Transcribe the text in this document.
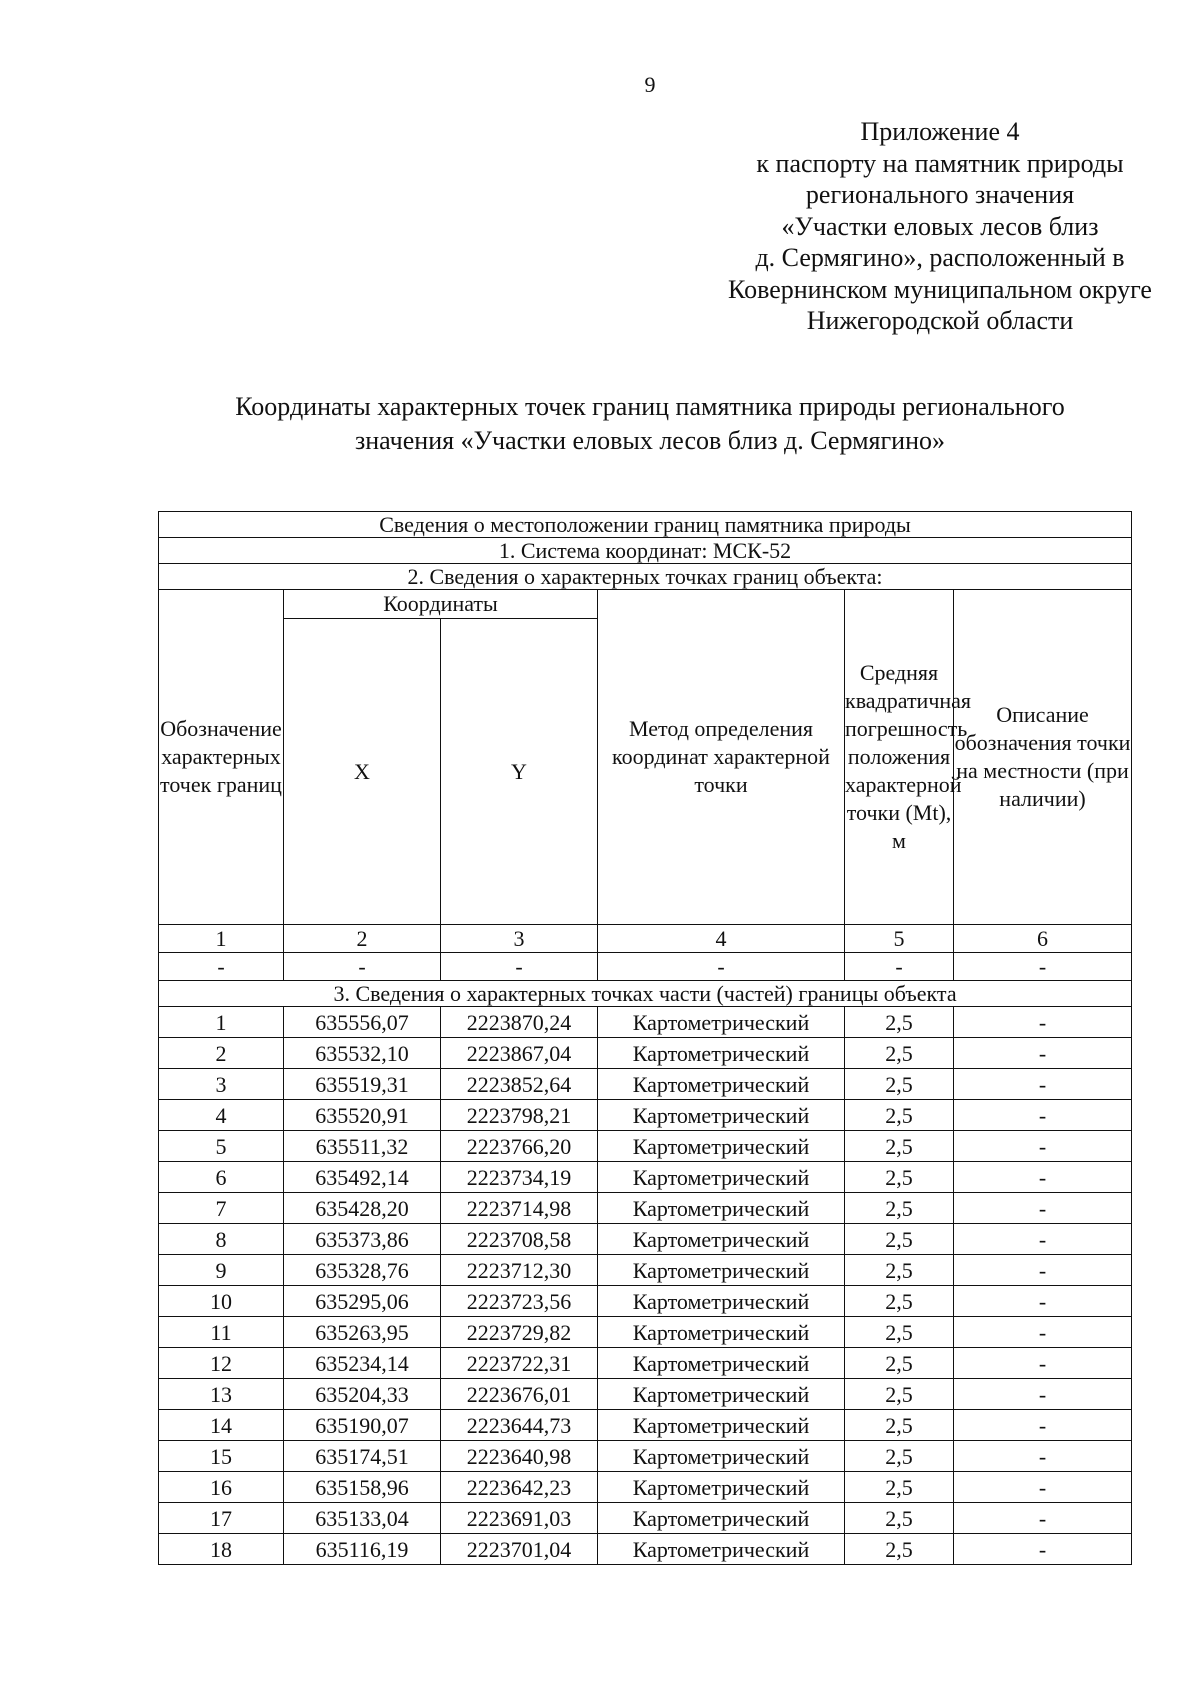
9
Приложение 4
к паспорту на памятник природы
регионального значения
«Участки еловых лесов близ
д. Сермягино», расположенный в
Ковернинском муниципальном округе
Нижегородской области
Координаты характерных точек границ памятника природы регионального
значения «Участки еловых лесов близ д. Сермягино»
Сведения о местоположении границ памятника природы					
1. Система координат: МСК-52					
2. Сведения о характерных точках границ объекта:					
Обозначение характерных точек границ	Координаты		Метод определения координат характерной точки	Средняя квадратичная погрешность положения характерной точки (Mt), м	Описание обозначения точки на местности (при наличии)
	X	Y			
1	2	3	4	5	6
-	-	-	-	-	-
3. Сведения о характерных точках части (частей) границы объекта					
1	635556,07	2223870,24	Картометрический	2,5	-
2	635532,10	2223867,04	Картометрический	2,5	-
3	635519,31	2223852,64	Картометрический	2,5	-
4	635520,91	2223798,21	Картометрический	2,5	-
5	635511,32	2223766,20	Картометрический	2,5	-
6	635492,14	2223734,19	Картометрический	2,5	-
7	635428,20	2223714,98	Картометрический	2,5	-
8	635373,86	2223708,58	Картометрический	2,5	-
9	635328,76	2223712,30	Картометрический	2,5	-
10	635295,06	2223723,56	Картометрический	2,5	-
11	635263,95	2223729,82	Картометрический	2,5	-
12	635234,14	2223722,31	Картометрический	2,5	-
13	635204,33	2223676,01	Картометрический	2,5	-
14	635190,07	2223644,73	Картометрический	2,5	-
15	635174,51	2223640,98	Картометрический	2,5	-
16	635158,96	2223642,23	Картометрический	2,5	-
17	635133,04	2223691,03	Картометрический	2,5	-
18	635116,19	2223701,04	Картометрический	2,5	-
